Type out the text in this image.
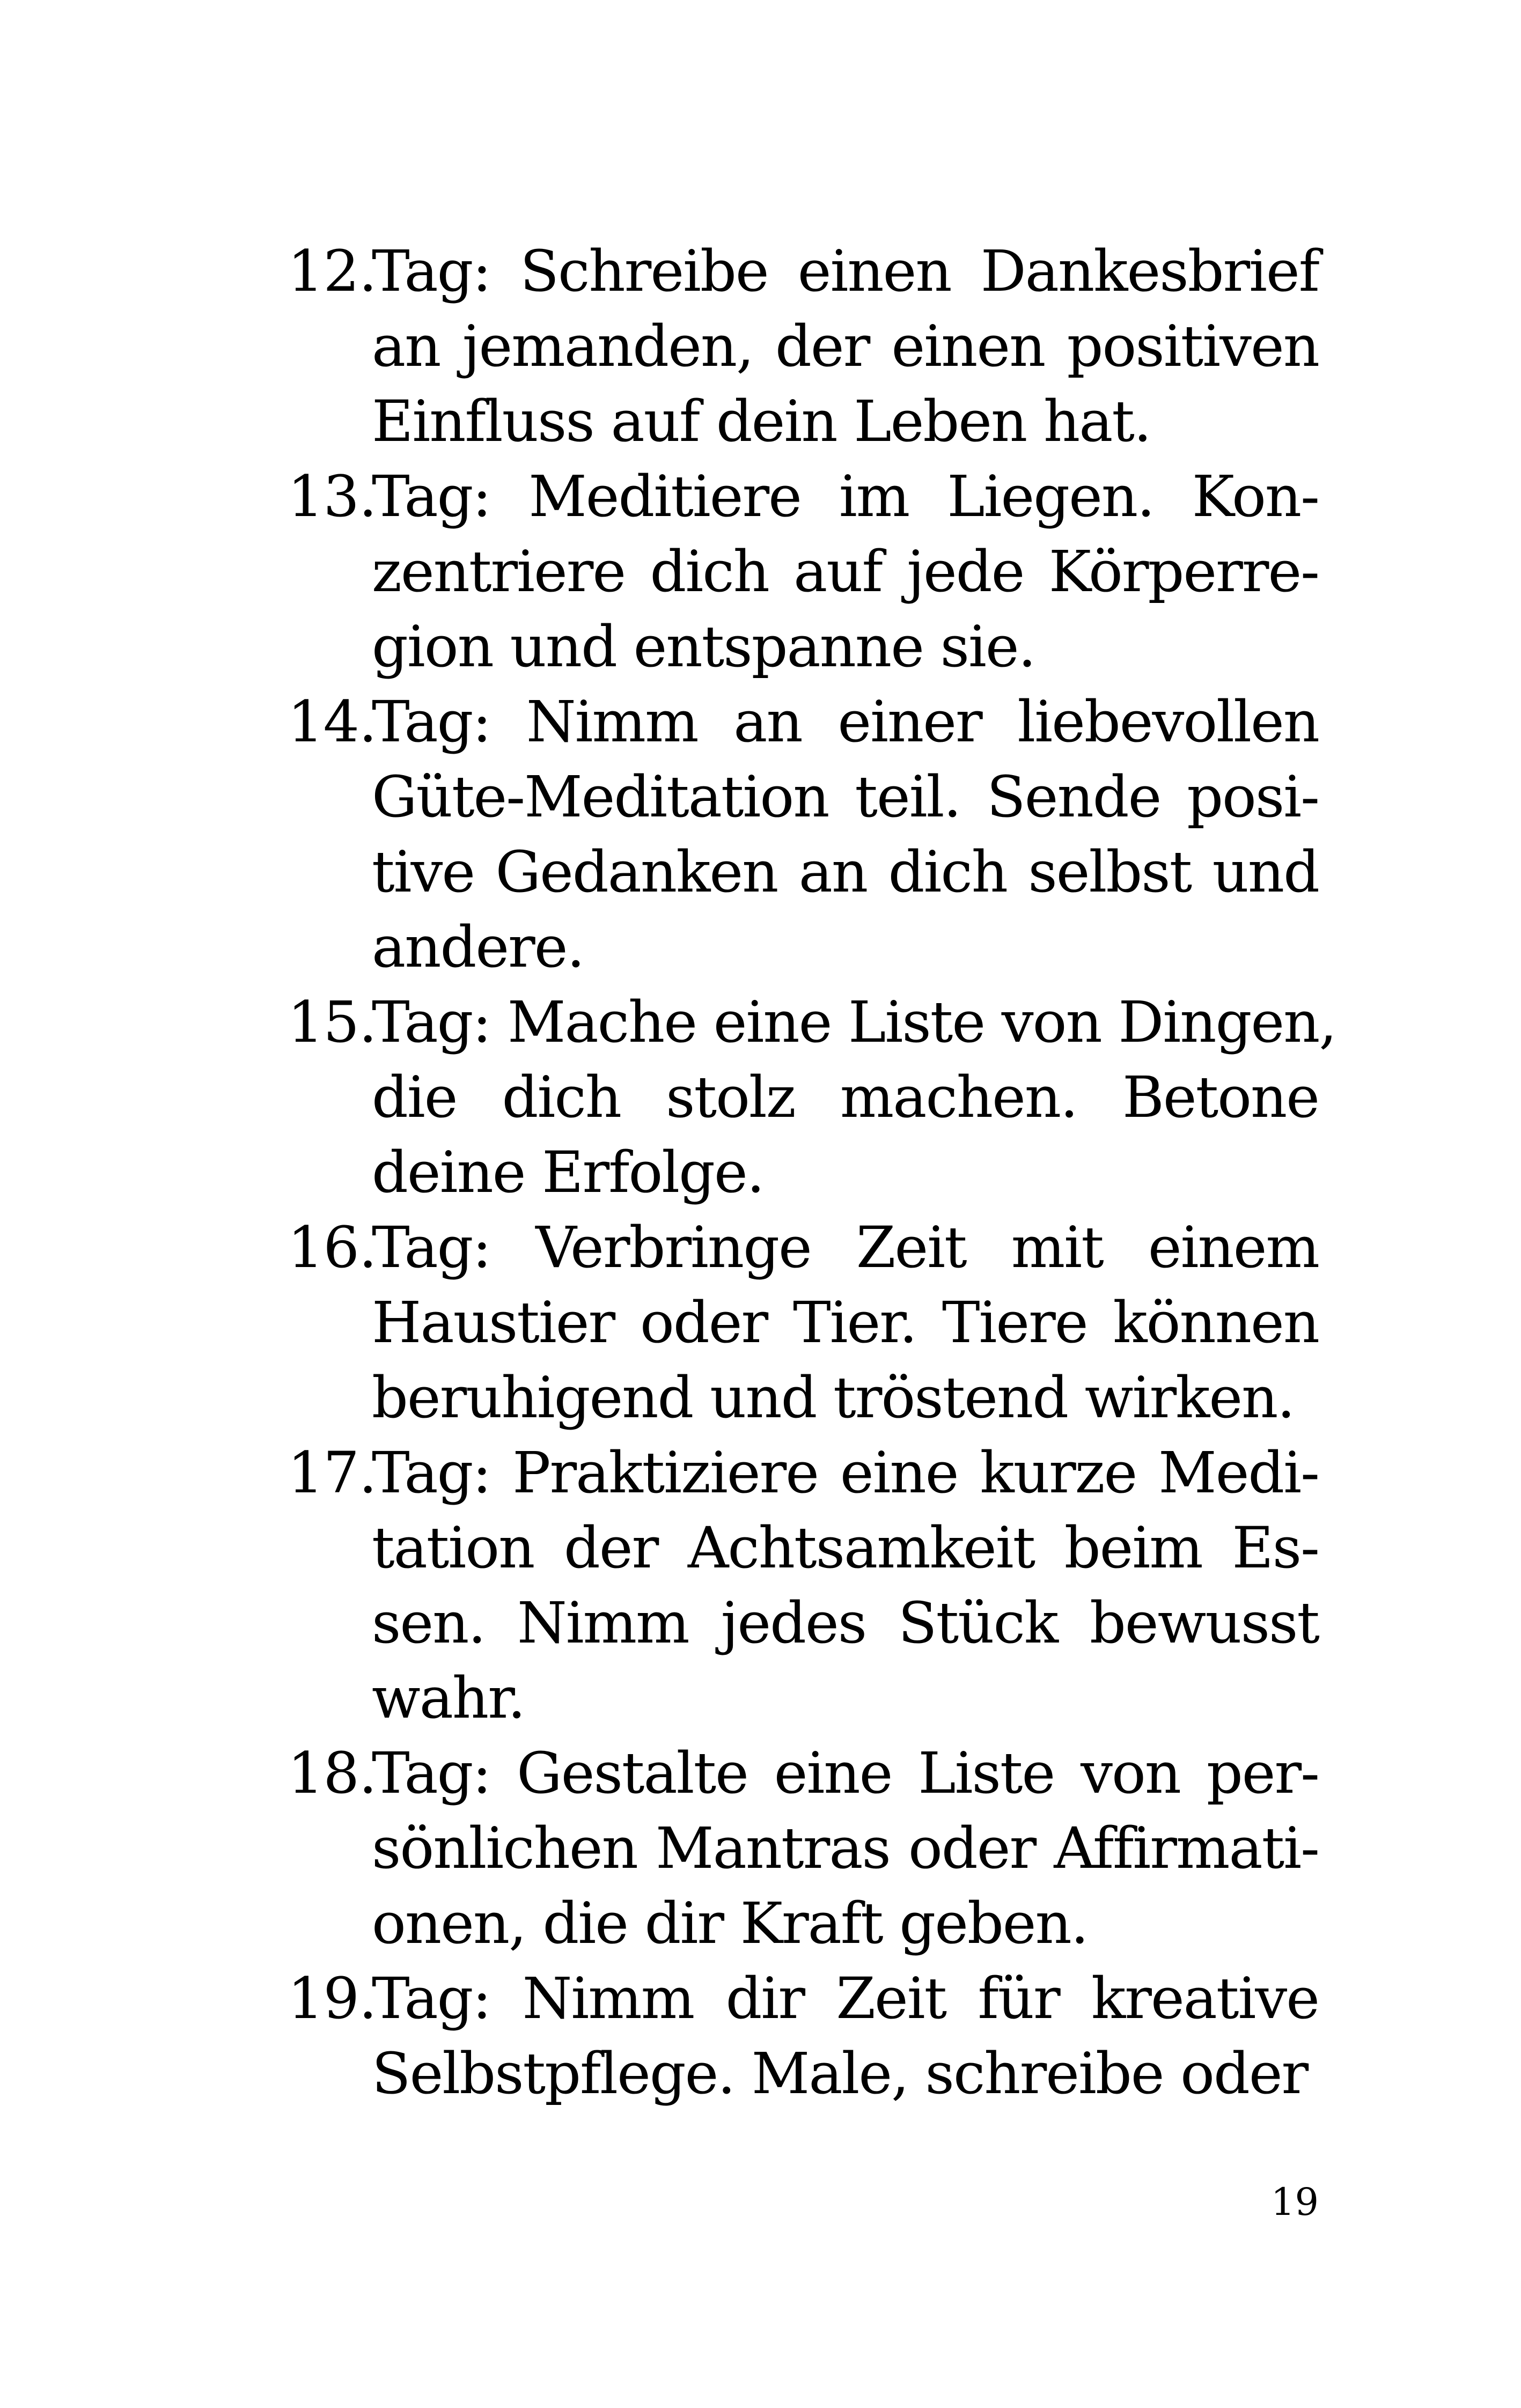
12.
Tag: Schreibe einen Dankesbrief
an jemanden, der einen positiven
Einfluss auf dein Leben hat.
13.
Tag: Meditiere im Liegen. Kon-
zentriere dich auf jede Körperre-
gion und entspanne sie.
14.
Tag: Nimm an einer liebevollen
Güte-Meditation teil. Sende posi-
tive Gedanken an dich selbst und
andere.
15.
Tag: Mache eine Liste von Dingen,
die dich stolz machen. Betone
deine Erfolge.
16.
Tag: Verbringe Zeit mit einem
Haustier oder Tier. Tiere können
beruhigend und tröstend wirken.
17.
Tag: Praktiziere eine kurze Medi-
tation der Achtsamkeit beim Es-
sen. Nimm jedes Stück bewusst
wahr.
18.
Tag: Gestalte eine Liste von per-
sönlichen Mantras oder Affirmati-
onen, die dir Kraft geben.
19.
Tag: Nimm dir Zeit für kreative
Selbstpflege. Male, schreibe oder
19
